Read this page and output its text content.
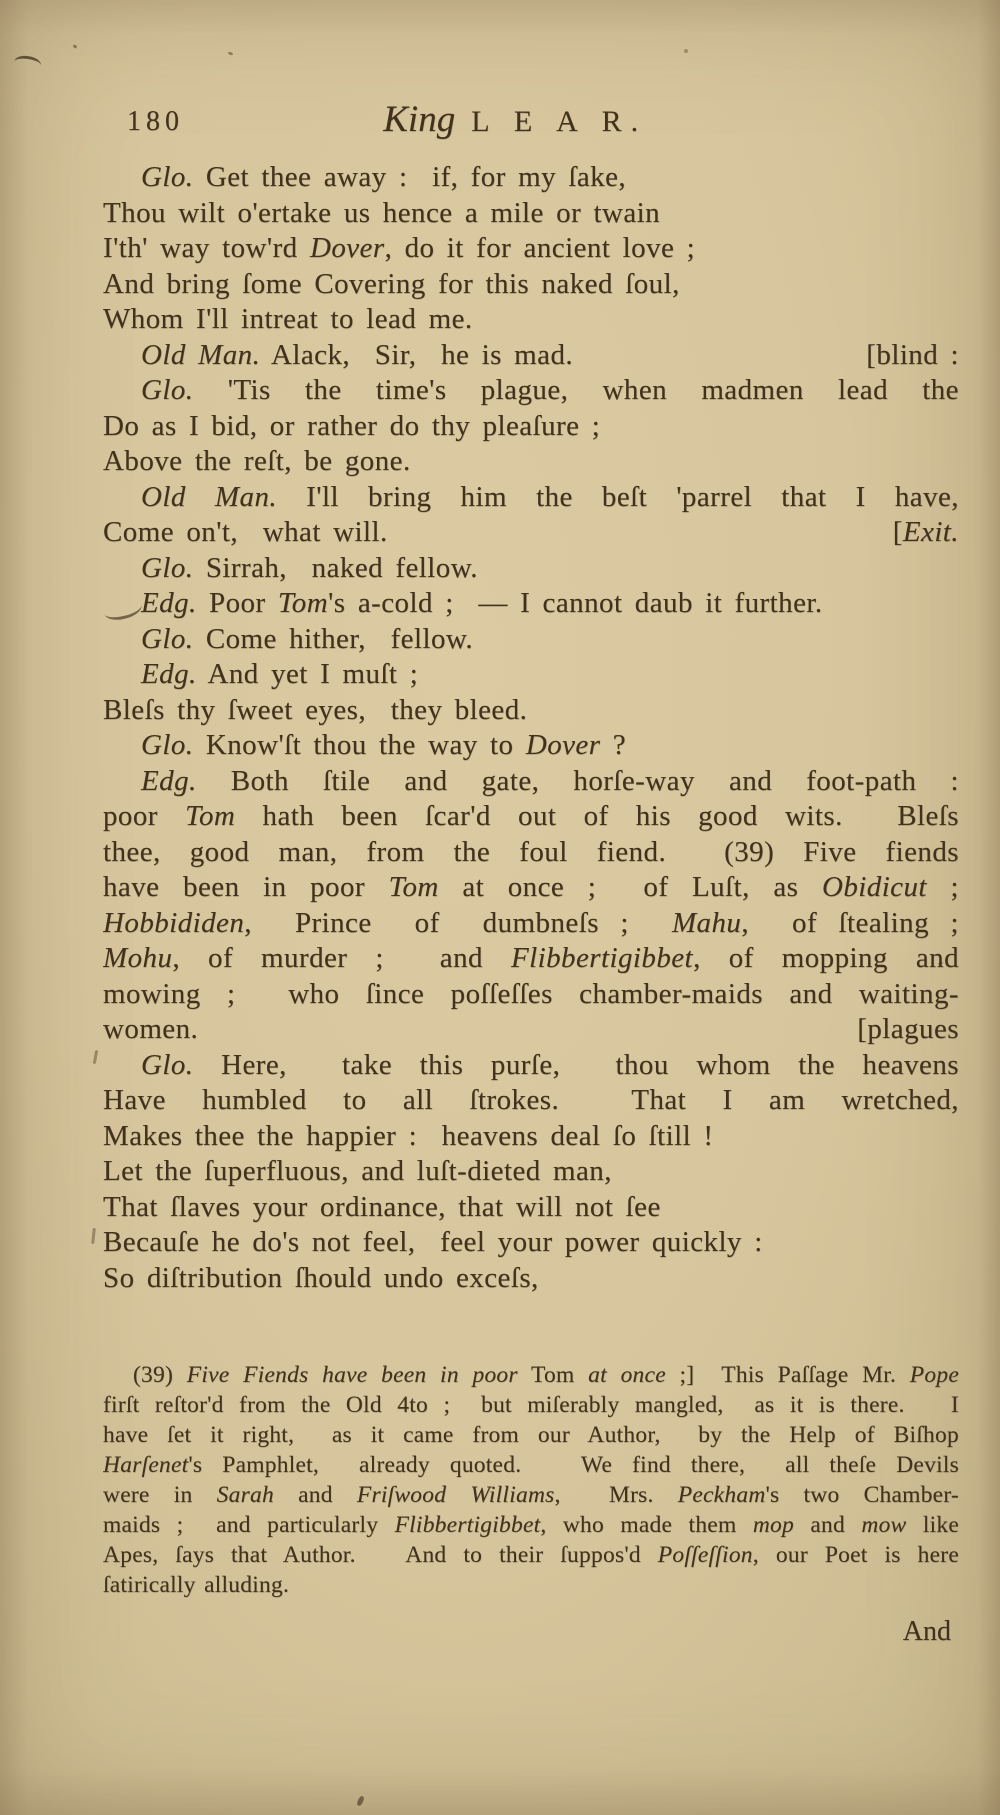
180	King L E A R.
Glo. Get thee away :  if, for my ſake,
Thou wilt o'ertake us hence a mile or twain
I'th' way tow'rd Dover, do it for ancient love ;
And bring ſome Covering for this naked ſoul,
Whom I'll intreat to lead me.
Old Man. Alack,  Sir,  he is mad.	[blind :
Glo. 'Tis the time's plague, when madmen lead the
Do as I bid, or rather do thy pleaſure ;
Above the reſt, be gone.
Old Man. I'll bring him the beſt 'parrel that I have,
Come on't,  what will.	[Exit.
Glo. Sirrah,  naked fellow.
Edg. Poor Tom's a-cold ;  — I cannot daub it further.
Glo. Come hither,  fellow.
Edg. And yet I muſt ;
Bleſs thy ſweet eyes,  they bleed.
Glo. Know'ſt thou the way to Dover ?
Edg. Both ſtile and gate, horſe-way and foot-path :
poor Tom hath been ſcar'd out of his good wits.  Bleſs
thee, good man, from the foul fiend.  (39) Five fiends
have been in poor Tom at once ;  of Luſt, as Obidicut ;
Hobbididen,  Prince  of  dumbneſs ;  Mahu,  of ſtealing ;
Mohu, of murder ;  and Flibbertigibbet, of mopping and
mowing ;  who ſince poſſeſſes chamber-maids and waiting-
women.	[plagues
Glo. Here,  take this purſe,  thou whom the heavens
Have humbled to all ſtrokes.  That I am wretched,
Makes thee the happier :  heavens deal ſo ſtill !
Let the ſuperfluous, and luſt-dieted man,
That ſlaves your ordinance, that will not ſee
Becauſe he do's not feel,  feel your power quickly :
So diſtribution ſhould undo exceſs,
(39) Five Fiends have been in poor Tom at once ;]  This Paſſage Mr. Pope
firſt reſtor'd from the Old 4to ;  but miſerably mangled,  as it is there.   I
have ſet it right,  as it came from our Author,  by the Help of Biſhop
Harſenet's Pamphlet,  already quoted.   We find there,  all theſe Devils
were in Sarah and Friſwood Williams,  Mrs. Peckham's two Chamber-
maids ;  and particularly Flibbertigibbet, who made them mop and mow like
Apes, ſays that Author.   And to their ſuppos'd Poſſeſſion, our Poet is here
ſatirically alluding.
And
